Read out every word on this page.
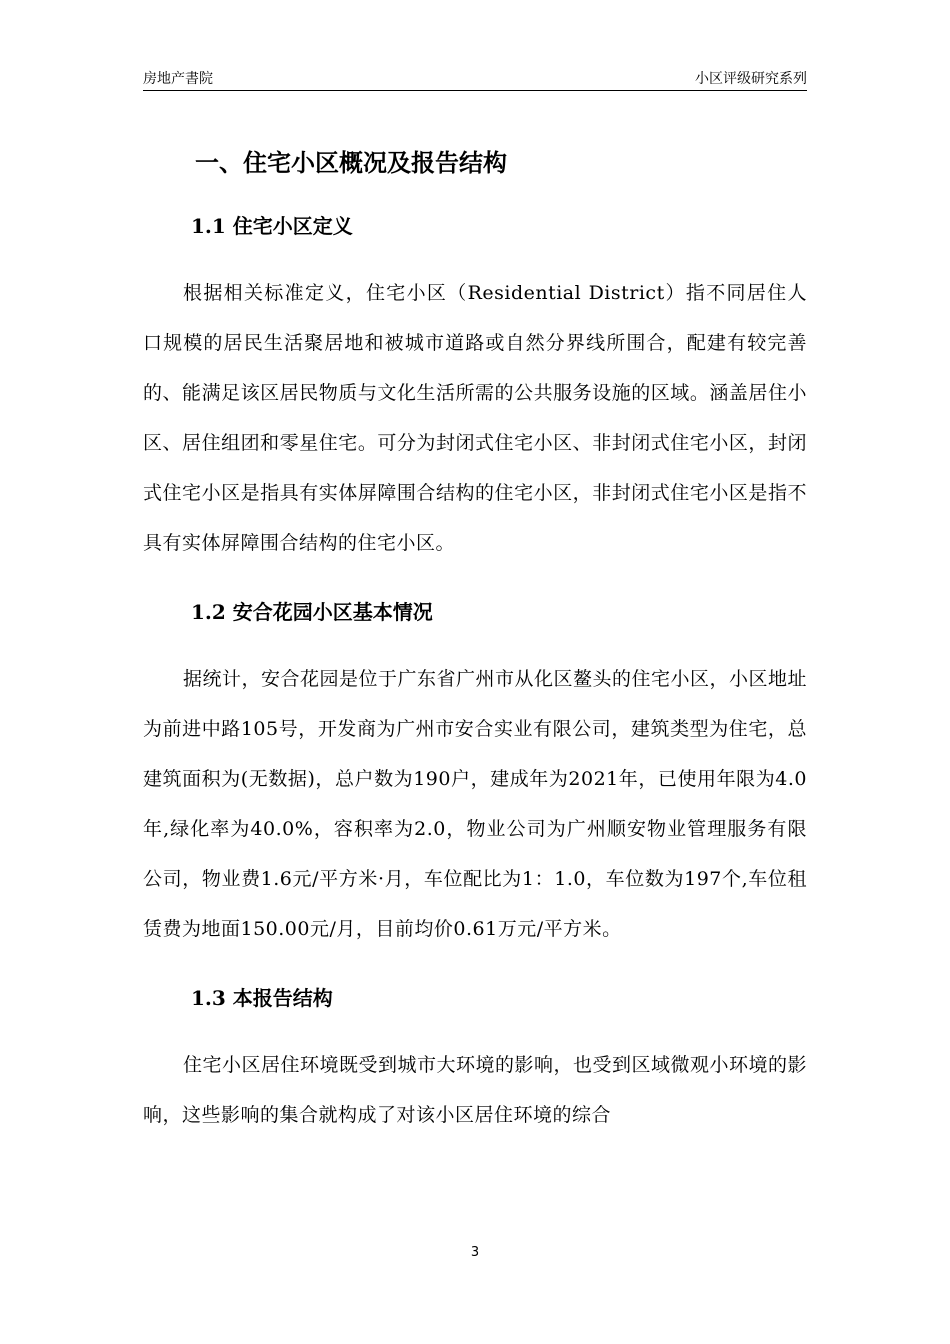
房地产書院	小区评级研究系列
一、住宅小区概况及报告结构
1.1 住宅小区定义

根据相关标准定义，住宅小区（Residential District）指不同居住人口规模的居民生活聚居地和被城市道路或自然分界线所围合，配建有较完善的、能满足该区居民物质与文化生活所需的公共服务设施的区域。涵盖居住小区、居住组团和零星住宅。可分为封闭式住宅小区、非封闭式住宅小区，封闭式住宅小区是指具有实体屏障围合结构的住宅小区，非封闭式住宅小区是指不具有实体屏障围合结构的住宅小区。

1.2 安合花园小区基本情况

据统计，安合花园是位于广东省广州市从化区鳌头的住宅小区，小区地址为前进中路105号，开发商为广州市安合实业有限公司，建筑类型为住宅，总建筑面积为(无数据)，总户数为190户，建成年为2021年，已使用年限为4.0年,绿化率为40.0%，容积率为2.0，物业公司为广州顺安物业管理服务有限公司，物业费1.6元/平方米·月，车位配比为1：1.0，车位数为197个,车位租赁费为地面150.00元/月，目前均价0.61万元/平方米。

1.3 本报告结构

住宅小区居住环境既受到城市大环境的影响，也受到区域微观小环境的影响，这些影响的集合就构成了对该小区居住环境的综合

3
